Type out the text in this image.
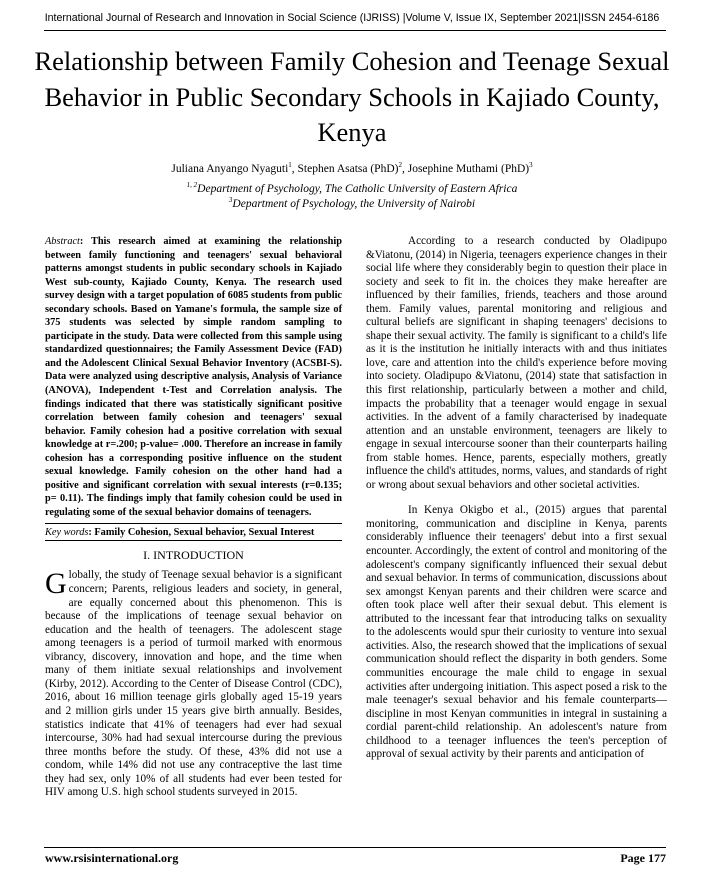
International Journal of Research and Innovation in Social Science (IJRISS) |Volume V, Issue IX, September 2021|ISSN 2454-6186
Relationship between Family Cohesion and Teenage Sexual Behavior in Public Secondary Schools in Kajiado County, Kenya
Juliana Anyango Nyaguti$^1$, Stephen Asatsa (PhD)$^2$, Josephine Muthami (PhD)$^3$
$^{1, 2}$Department of Psychology, The Catholic University of Eastern Africa
$^3$Department of Psychology, the University of Nairobi

Abstract: This research aimed at examining the relationship between family functioning and teenagers' sexual behavioral patterns amongst students in public secondary schools in Kajiado West sub-county, Kajiado County, Kenya. The research used survey design with a target population of 6085 students from public secondary schools. Based on Yamane's formula, the sample size of 375 students was selected by simple random sampling to participate in the study. Data were collected from this sample using standardized questionnaires; the Family Assessment Device (FAD) and the Adolescent Clinical Sexual Behavior Inventory (ACSBI-S). Data were analyzed using descriptive analysis, Analysis of Variance (ANOVA), Independent t-Test and Correlation analysis. The findings indicated that there was statistically significant positive correlation between family cohesion and teenagers' sexual behavior. Family cohesion had a positive correlation with sexual knowledge at r=.200; p-value= .000. Therefore an increase in family cohesion has a corresponding positive influence on the student sexual knowledge. Family cohesion on the other hand had a positive and significant correlation with sexual interests (r=0.135; p= 0.11). The findings imply that family cohesion could be used in regulating some of the sexual behavior domains of teenagers.

Key words: Family Cohesion, Sexual behavior, Sexual Interest

I. INTRODUCTION

Globally, the study of Teenage sexual behavior is a significant concern; Parents, religious leaders and society, in general, are equally concerned about this phenomenon. This is because of the implications of teenage sexual behavior on education and the health of teenagers. The adolescent stage among teenagers is a period of turmoil marked with enormous vibrancy, discovery, innovation and hope, and the time when many of them initiate sexual relationships and involvement (Kirby, 2012). According to the Center of Disease Control (CDC), 2016, about 16 million teenage girls globally aged 15-19 years and 2 million girls under 15 years give birth annually. Besides, statistics indicate that 41% of teenagers had ever had sexual intercourse, 30% had had sexual intercourse during the previous three months before the study. Of these, 43% did not use a condom, while 14% did not use any contraceptive the last time they had sex, only 10% of all students had ever been tested for HIV among U.S. high school students surveyed in 2015.

According to a research conducted by Oladipupo &Viatonu, (2014) in Nigeria, teenagers experience changes in their social life where they considerably begin to question their place in society and seek to fit in. the choices they make hereafter are influenced by their families, friends, teachers and those around them. Family values, parental monitoring and religious and cultural beliefs are significant in shaping teenagers' decisions to shape their sexual activity. The family is significant to a child's life as it is the institution he initially interacts with and thus initiates love, care and attention into the child's experience before moving into society. Oladipupo &Viatonu, (2014) state that satisfaction in this first relationship, particularly between a mother and child, impacts the probability that a teenager would engage in sexual activities. In the advent of a family characterised by inadequate attention and an unstable environment, teenagers are likely to engage in sexual intercourse sooner than their counterparts hailing from stable homes. Hence, parents, especially mothers, greatly influence the child's attitudes, norms, values, and standards of right or wrong about sexual behaviors and other societal activities.

In Kenya Okigbo et al., (2015) argues that parental monitoring, communication and discipline in Kenya, parents considerably influence their teenagers' debut into a first sexual encounter. Accordingly, the extent of control and monitoring of the adolescent's company significantly influenced their sexual debut and sexual behavior. In terms of communication, discussions about sex amongst Kenyan parents and their children were scarce and often took place well after their sexual debut. This element is attributed to the incessant fear that introducing talks on sexuality to the adolescents would spur their curiosity to venture into sexual activities. Also, the research showed that the implications of sexual communication should reflect the disparity in both genders. Some communities encourage the male child to engage in sexual activities after undergoing initiation. This aspect posed a risk to the male teenager's sexual behavior and his female counterparts—discipline in most Kenyan communities in integral in sustaining a cordial parent-child relationship. An adolescent's nature from childhood to a teenager influences the teen's perception of approval of sexual activity by their parents and anticipation of

www.rsisinternational.org	Page 177
